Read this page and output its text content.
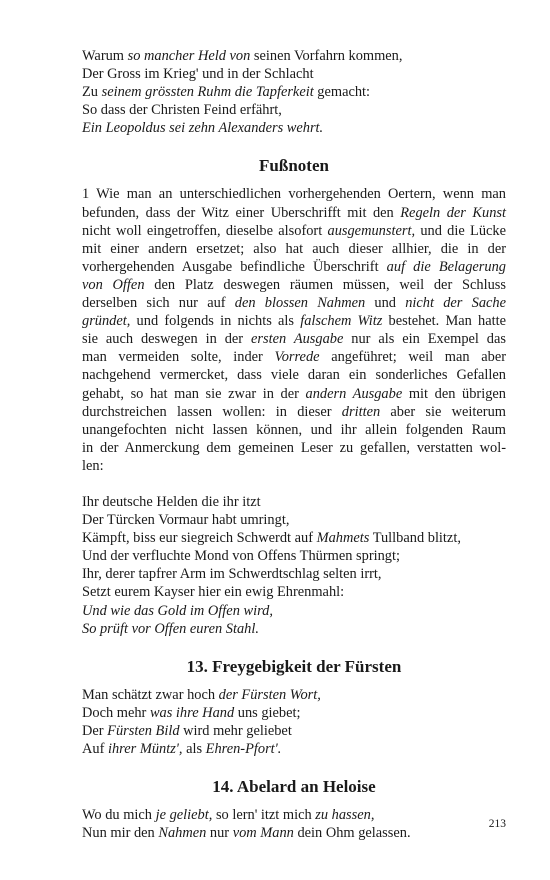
Warum so mancher Held von seinen Vorfahrn kommen,
Der Gross im Krieg' und in der Schlacht
Zu seinem grössten Ruhm die Tapferkeit gemacht:
So dass der Christen Feind erfährt,
Ein Leopoldus sei zehn Alexanders wehrt.
Fußnoten
1 Wie man an unterschiedlichen vorhergehenden Oertern, wenn man
befunden, dass der Witz einer Uberschrifft mit den Regeln der Kunst
nicht woll eingetroffen, dieselbe alsofort ausgemunstert, und die Lücke
mit einer andern ersetzet; also hat auch dieser allhier, die in der
vorhergehenden Ausgabe befindliche Überschrift auf die Belagerung
von Offen den Platz deswegen räumen müssen, weil der Schluss
derselben sich nur auf den blossen Nahmen und nicht der Sache
gründet, und folgends in nichts als falschem Witz bestehet. Man hatte
sie auch deswegen in der ersten Ausgabe nur als ein Exempel das
man vermeiden solte, inder Vorrede angeführet; weil man aber
nachgehend vermercket, dass viele daran ein sonderliches Gefallen
gehabt, so hat man sie zwar in der andern Ausgabe mit den übrigen
durchstreichen lassen wollen: in dieser dritten aber sie weiterum
unangefochten nicht lassen können, und ihr allein folgenden Raum
in der Anmerckung dem gemeinen Leser zu gefallen, verstatten wol-
len:
Ihr deutsche Helden die ihr itzt
Der Türcken Vormaur habt umringt,
Kämpft, biss eur siegreich Schwerdt auf Mahmets Tullband blitzt,
Und der verfluchte Mond von Offens Thürmen springt;
Ihr, derer tapfrer Arm im Schwerdtschlag selten irrt,
Setzt eurem Kayser hier ein ewig Ehrenmahl:
Und wie das Gold im Offen wird,
So prüft vor Offen euren Stahl.
13. Freygebigkeit der Fürsten
Man schätzt zwar hoch der Fürsten Wort,
Doch mehr was ihre Hand uns giebet;
Der Fürsten Bild wird mehr geliebet
Auf ihrer Müntz', als Ehren-Pfort'.
14. Abelard an Heloise
Wo du mich je geliebt, so lern' itzt mich zu hassen,
Nun mir den Nahmen nur vom Mann dein Ohm gelassen.
213
